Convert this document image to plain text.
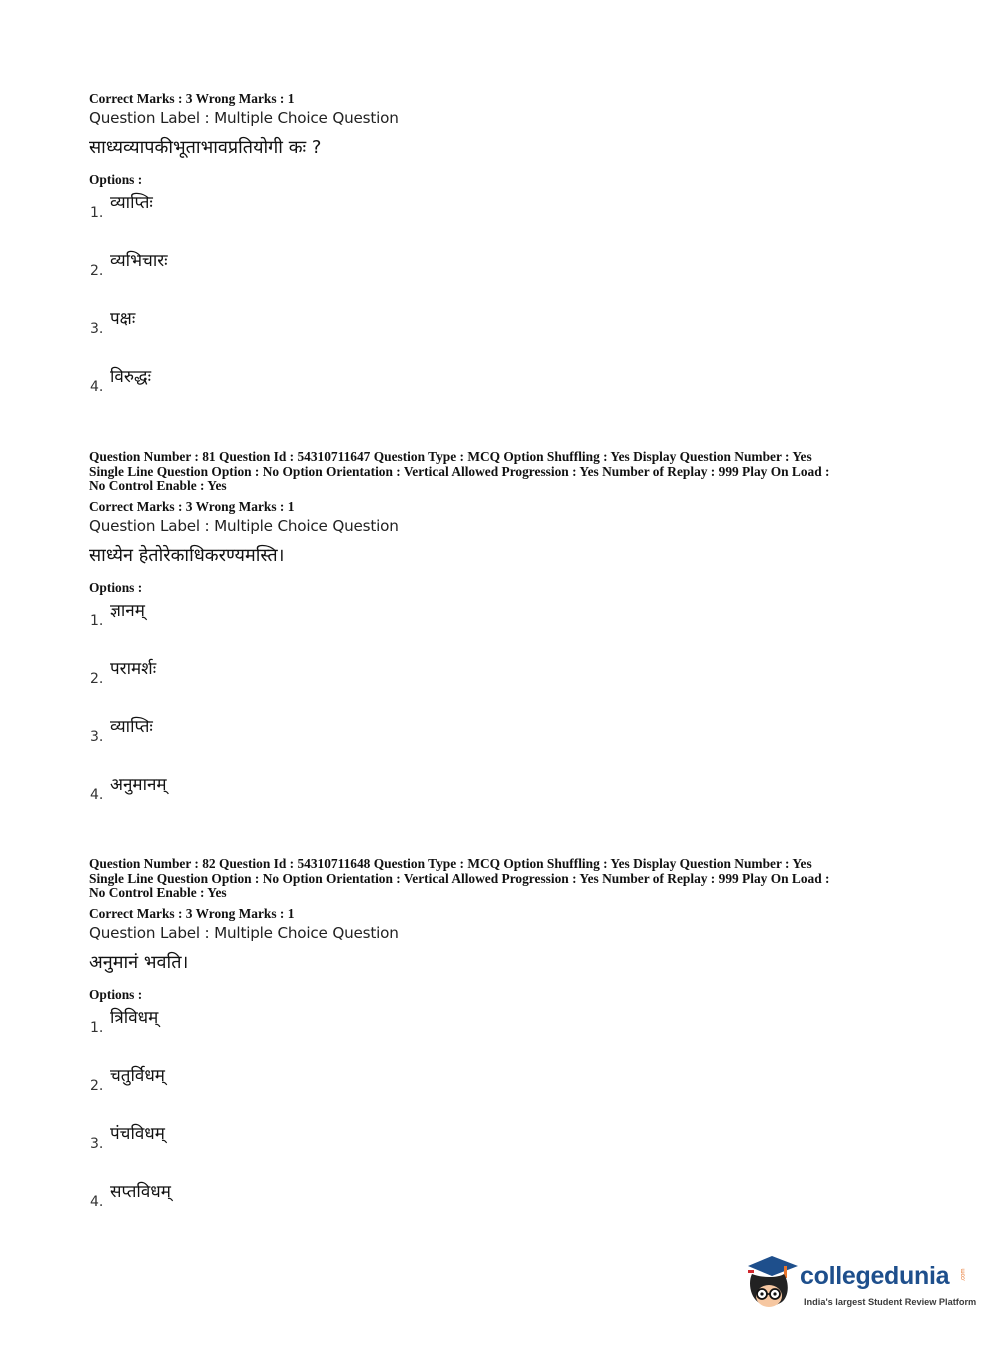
Correct Marks : 3 Wrong Marks : 1

Question Label : Multiple Choice Question

साध्यव्यापकीभूताभावप्रतियोगी कः ?

Options :

1. व्याप्तिः
2. व्यभिचारः
3. पक्षः
4. विरुद्धः

Question Number : 81 Question Id : 54310711647 Question Type : MCQ Option Shuffling : Yes Display Question Number : Yes

Single Line Question Option : No Option Orientation : Vertical Allowed Progression : Yes Number of Replay : 999 Play On Load :

No Control Enable : Yes

Correct Marks : 3 Wrong Marks : 1

Question Label : Multiple Choice Question

साध्येन हेतोरेकाधिकरण्यमस्ति।

Options :

1. ज्ञानम्
2. परामर्शः
3. व्याप्तिः
4. अनुमानम्

Question Number : 82 Question Id : 54310711648 Question Type : MCQ Option Shuffling : Yes Display Question Number : Yes

Single Line Question Option : No Option Orientation : Vertical Allowed Progression : Yes Number of Replay : 999 Play On Load :

No Control Enable : Yes

Correct Marks : 3 Wrong Marks : 1

Question Label : Multiple Choice Question

अनुमानं भवति।

Options :

1. त्रिविधम्
2. चतुर्विधम्
3. पंचविधम्
4. सप्तविधम्
collegedunia .com
India's largest Student Review Platform
